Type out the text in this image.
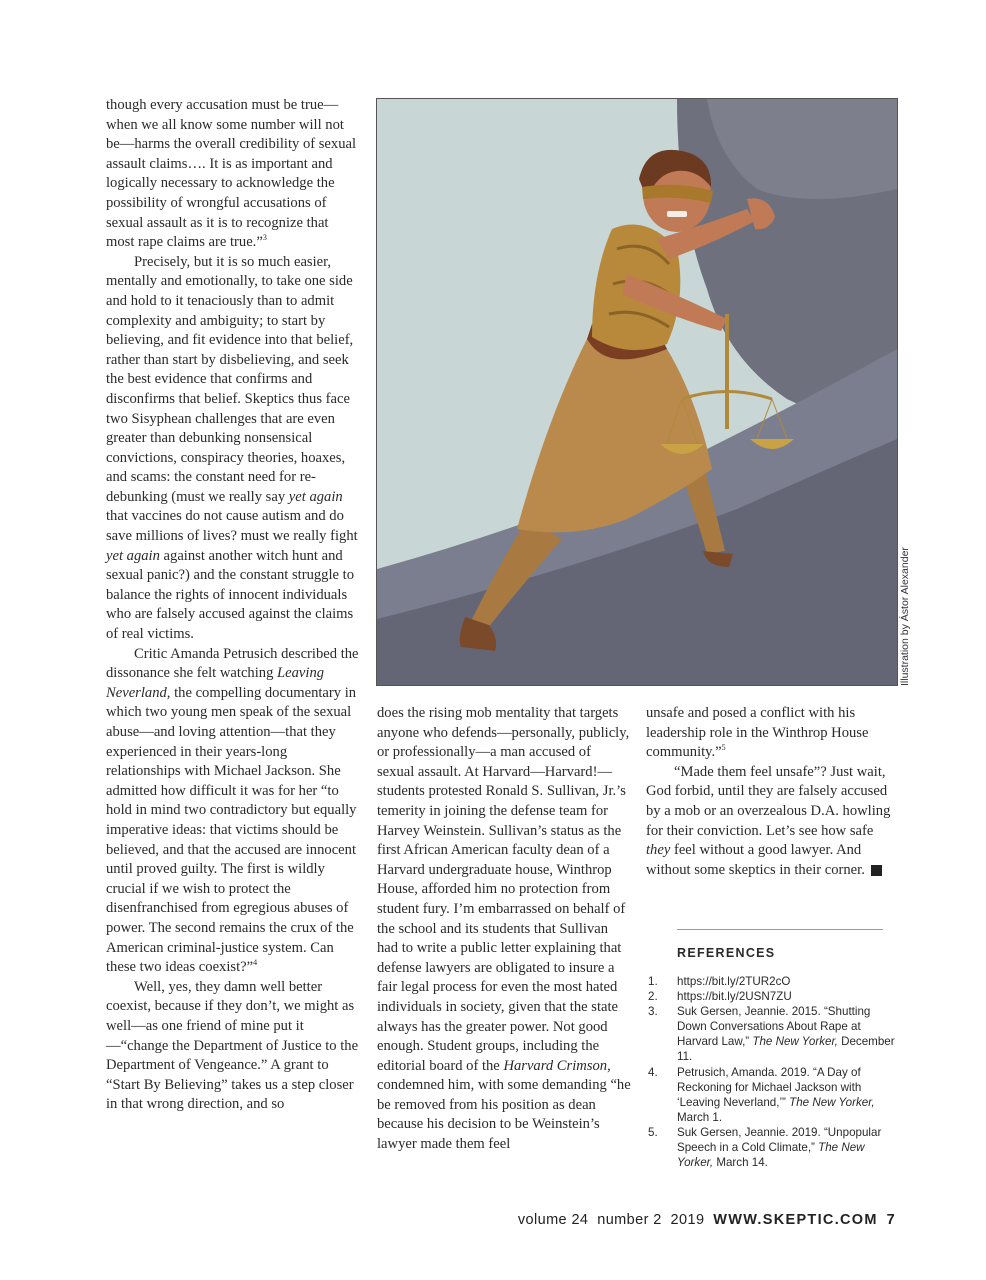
though every accusation must be true—when we all know some number will not be—harms the overall credibility of sexual assault claims…. It is as important and logically necessary to acknowledge the possibility of wrongful accusations of sexual assault as it is to recognize that most rape claims are true.”$^3$

Precisely, but it is so much easier, mentally and emotionally, to take one side and hold to it tenaciously than to admit complexity and ambiguity; to start by believing, and fit evidence into that belief, rather than start by disbelieving, and seek the best evidence that confirms and disconfirms that belief. Skeptics thus face two Sisyphean challenges that are even greater than debunking nonsensical convictions, conspiracy theories, hoaxes, and scams: the constant need for re-debunking (must we really say yet again that vaccines do not cause autism and do save millions of lives? must we really fight yet again against another witch hunt and sexual panic?) and the constant struggle to balance the rights of innocent individuals who are falsely accused against the claims of real victims.

Critic Amanda Petrusich described the dissonance she felt watching Leaving Neverland, the compelling documentary in which two young men speak of the sexual abuse—and loving attention—that they experienced in their years-long relationships with Michael Jackson. She admitted how difficult it was for her “to hold in mind two contradictory but equally imperative ideas: that victims should be believed, and that the accused are innocent until proved guilty. The first is wildly crucial if we wish to protect the disenfranchised from egregious abuses of power. The second remains the crux of the American criminal-justice system. Can these two ideas coexist?”$^4$

Well, yes, they damn well better coexist, because if they don’t, we might as well—as one friend of mine put it—“change the Department of Justice to the Department of Vengeance.” A grant to “Start By Believing” takes us a step closer in that wrong direction, and so

Illustration by Ástor Alexander

does the rising mob mentality that targets anyone who defends—personally, publicly, or professionally—a man accused of sexual assault. At Harvard—Harvard!—students protested Ronald S. Sullivan, Jr.’s temerity in joining the defense team for Harvey Weinstein. Sullivan’s status as the first African American faculty dean of a Harvard undergraduate house, Winthrop House, afforded him no protection from student fury. I’m embarrassed on behalf of the school and its students that Sullivan had to write a public letter explaining that defense lawyers are obligated to insure a fair legal process for even the most hated individuals in society, given that the state always has the greater power. Not good enough. Student groups, including the editorial board of the Harvard Crimson, condemned him, with some demanding “he be removed from his position as dean because his decision to be Weinstein’s lawyer made them feel

unsafe and posed a conflict with his leadership role in the Winthrop House community.”$^5$

“Made them feel unsafe”? Just wait, God forbid, until they are falsely accused by a mob or an overzealous D.A. howling for their conviction. Let’s see how safe they feel without a good lawyer. And without some skeptics in their corner.	S

REFERENCES
1. https://bit.ly/2TUR2cO
2. https://bit.ly/2USN7ZU
3. Suk Gersen, Jeannie. 2015. “Shutting Down Conversations About Rape at Harvard Law,” The New Yorker, December 11.
4. Petrusich, Amanda. 2019. “A Day of Reckoning for Michael Jackson with ‘Leaving Neverland,’” The New Yorker, March 1.
5. Suk Gersen, Jeannie. 2019. “Unpopular Speech in a Cold Climate,” The New Yorker, March 14.
volume 24  number 2  2019 WWW.SKEPTIC.COM 7
